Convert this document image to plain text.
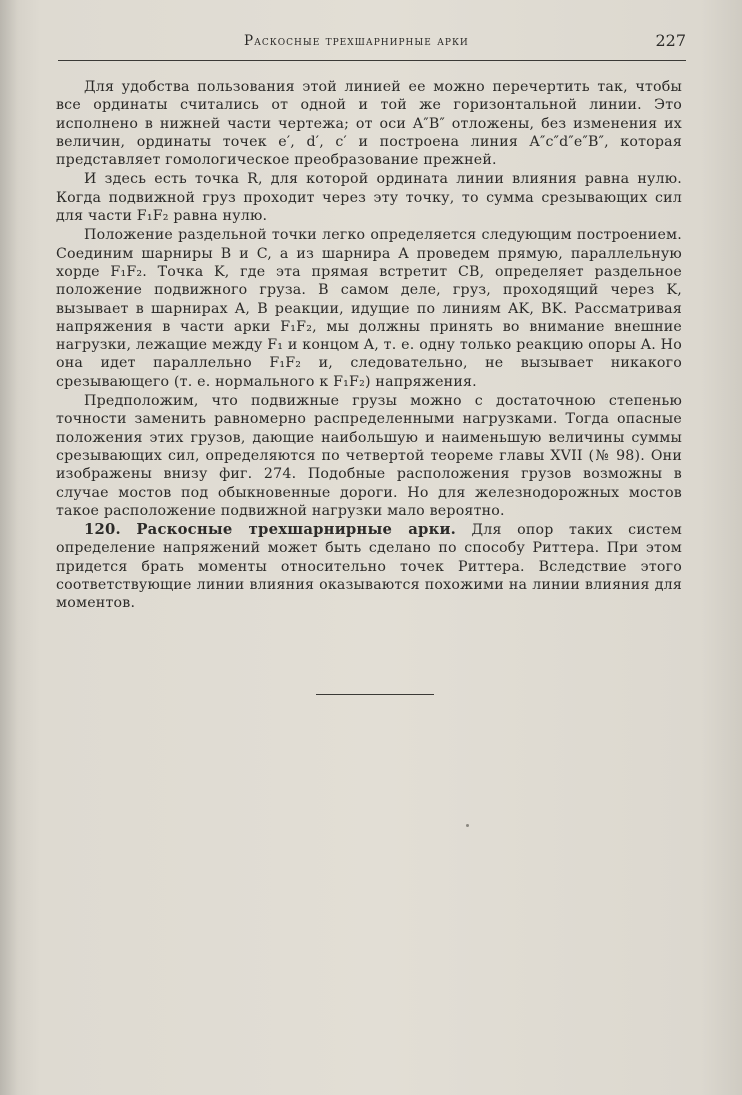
Раскосные трехшарнирные арки	227

Для удобства пользования этой линией ее можно перечертить так, чтобы все ординаты считались от одной и той же горизонтальной линии. Это исполнено в нижней части чертежа; от оси A″B″ отложены, без изменения их величин, ординаты точек e′, d′, c′ и построена линия A″c″d″e″B″, которая представляет гомологическое преобразование прежней.

И здесь есть точка R, для которой ордината линии влияния равна нулю. Когда подвижной груз проходит через эту точку, то сумма срезывающих сил для части F₁F₂ равна нулю.

Положение раздельной точки легко определяется следующим построением. Соединим шарниры B и C, а из шарнира A проведем прямую, параллельную хорде F₁F₂. Точка K, где эта прямая встретит CB, определяет раздельное положение подвижного груза. В самом деле, груз, проходящий через K, вызывает в шарнирах A, B реакции, идущие по линиям AK, BK. Рассматривая напряжения в части арки F₁F₂, мы должны принять во внимание внешние нагрузки, лежащие между F₁ и концом A, т. е. одну только реакцию опоры A. Но она идет параллельно F₁F₂ и, следовательно, не вызывает никакого срезывающего (т. е. нормального к F₁F₂) напряжения.

Предположим, что подвижные грузы можно с достаточною степенью точности заменить равномерно распределенными нагрузками. Тогда опасные положения этих грузов, дающие наибольшую и наименьшую величины суммы срезывающих сил, определяются по четвертой теореме главы XVII (№ 98). Они изображены внизу фиг. 274. Подобные расположения грузов возможны в случае мостов под обыкновенные дороги. Но для железнодорожных мостов такое расположение подвижной нагрузки мало вероятно.

120. Раскосные трехшарнирные арки. Для опор таких систем определение напряжений может быть сделано по способу Риттера. При этом придется брать моменты относительно точек Риттера. Вследствие этого соответствующие линии влияния оказываются похожими на линии влияния для моментов.
